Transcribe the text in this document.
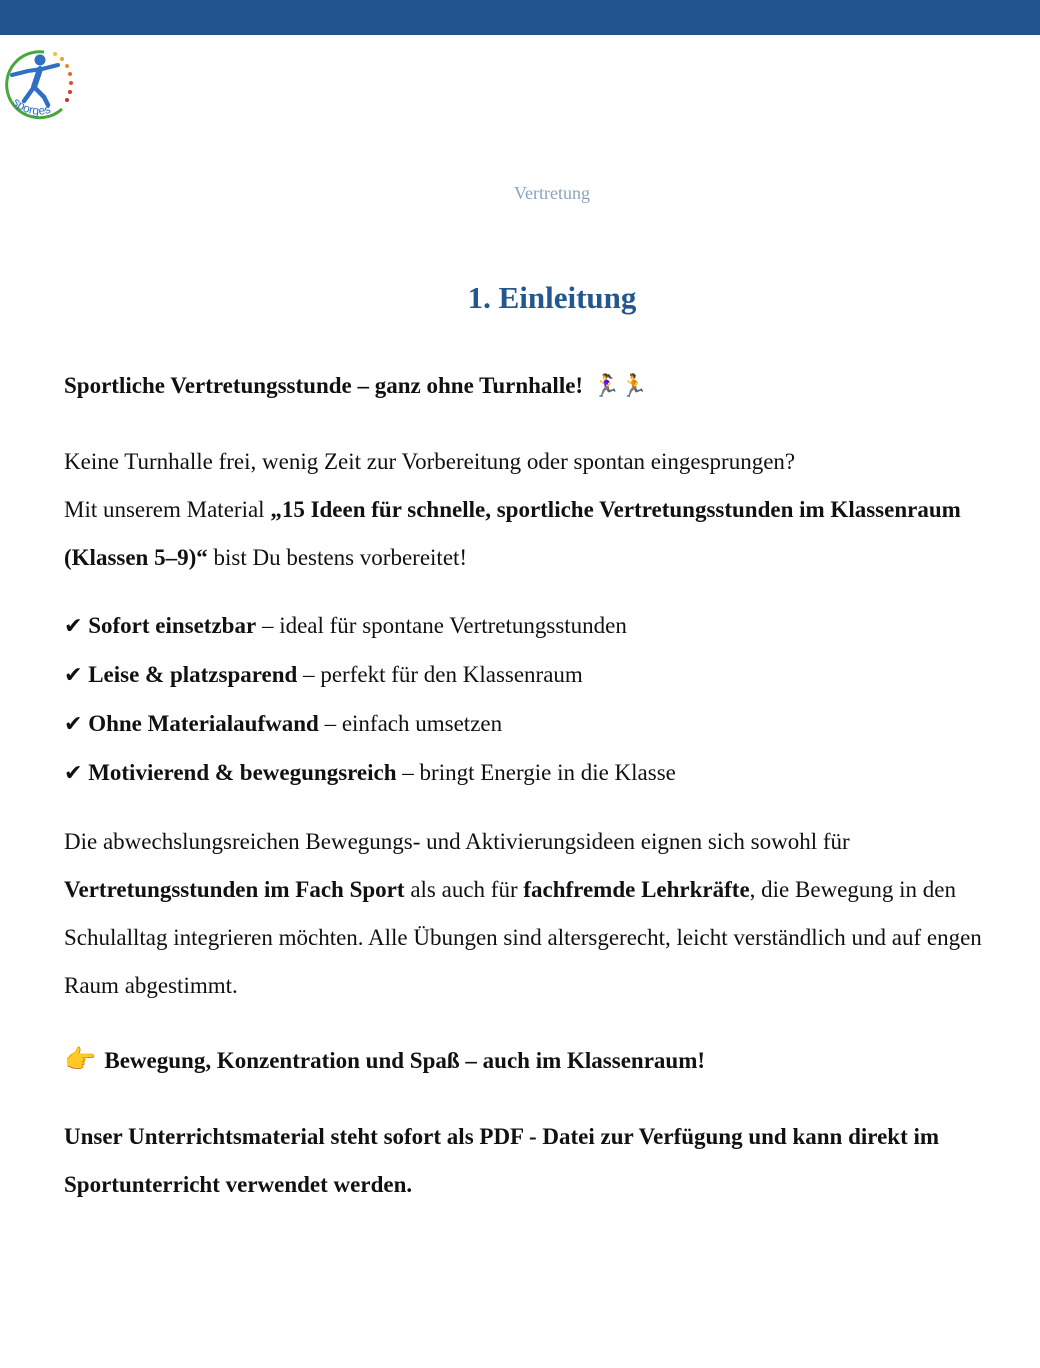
sporges
Vertretung
1. Einleitung

Sportliche Vertretungsstunde – ganz ohne Turnhalle! 🏃‍♀️🏃

Keine Turnhalle frei, wenig Zeit zur Vorbereitung oder spontan eingesprungen?
Mit unserem Material „15 Ideen für schnelle, sportliche Vertretungsstunden im Klassenraum (Klassen 5–9)“ bist Du bestens vorbereitet!

✔ Sofort einsetzbar – ideal für spontane Vertretungsstunden
✔ Leise & platzsparend – perfekt für den Klassenraum
✔ Ohne Materialaufwand – einfach umsetzen
✔ Motivierend & bewegungsreich – bringt Energie in die Klasse

Die abwechslungsreichen Bewegungs- und Aktivierungsideen eignen sich sowohl für Vertretungsstunden im Fach Sport als auch für fachfremde Lehrkräfte, die Bewegung in den Schulalltag integrieren möchten. Alle Übungen sind altersgerecht, leicht verständlich und auf engen Raum abgestimmt.

👉 Bewegung, Konzentration und Spaß – auch im Klassenraum!

Unser Unterrichtsmaterial steht sofort als PDF - Datei zur Verfügung und kann direkt im Sportunterricht verwendet werden.
